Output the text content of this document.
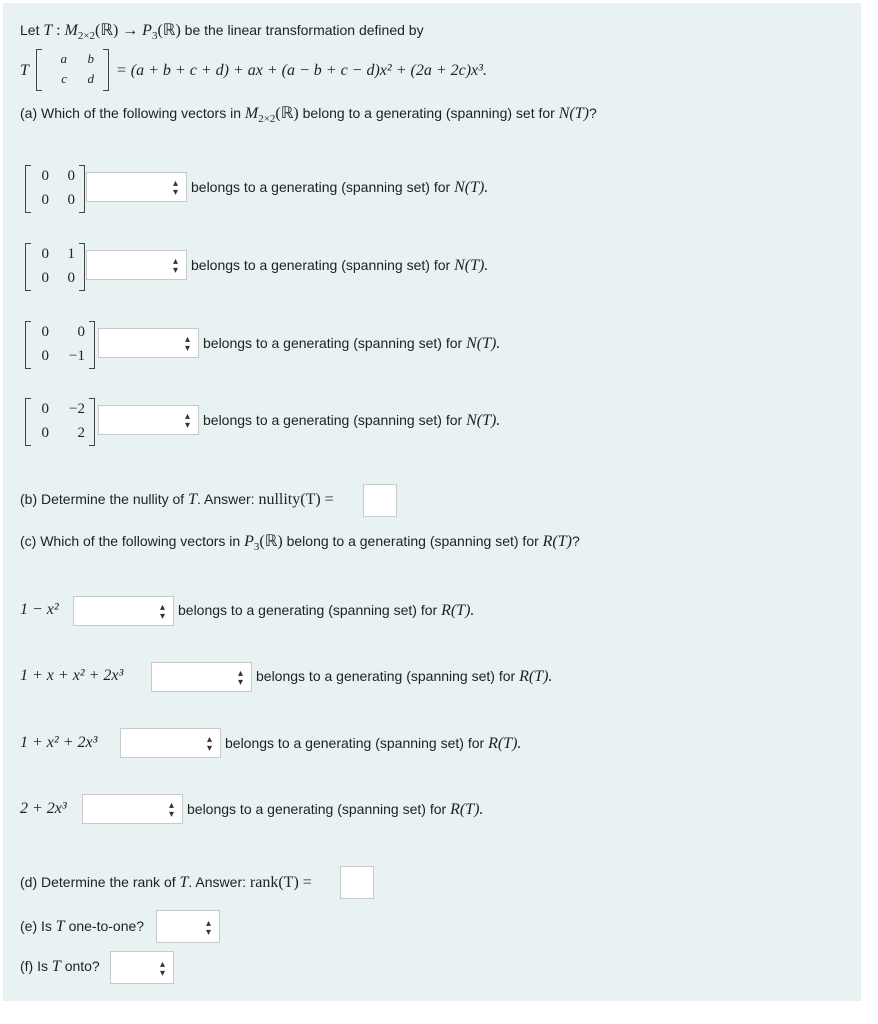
Let T : $M_{2\times 2}(ℝ)$ → $P_3(ℝ)$ be the linear transformation defined by
T
a	b
c	d = (a + b + c + d) + ax + (a − b + c − d)x² + (2a + 2c)x³.
(a) Which of the following vectors in $M_{2\times 2}(ℝ)$ belong to a generating (spanning) set for N(T)?
0	0
0	0
▴
▾ belongs to a generating (spanning set) for N(T).
0	1
0	0
▴
▾ belongs to a generating (spanning set) for N(T).
0	0
0	−1
▴
▾ belongs to a generating (spanning set) for N(T).
0	−2
0	2
▴
▾ belongs to a generating (spanning set) for N(T).
(b) Determine the nullity of T. Answer: nullity(T) =
(c) Which of the following vectors in $P_3(ℝ)$ belong to a generating (spanning set) for R(T)?
1 − x²	▴
▾ belongs to a generating (spanning set) for R(T).
1 + x + x² + 2x³	▴
▾ belongs to a generating (spanning set) for R(T).
1 + x² + 2x³	▴
▾ belongs to a generating (spanning set) for R(T).
2 + 2x³	▴
▾ belongs to a generating (spanning set) for R(T).
(d) Determine the rank of T. Answer: rank(T) =
(e) Is T one-to-one?	▴
▾
(f) Is T onto?	▴
▾
